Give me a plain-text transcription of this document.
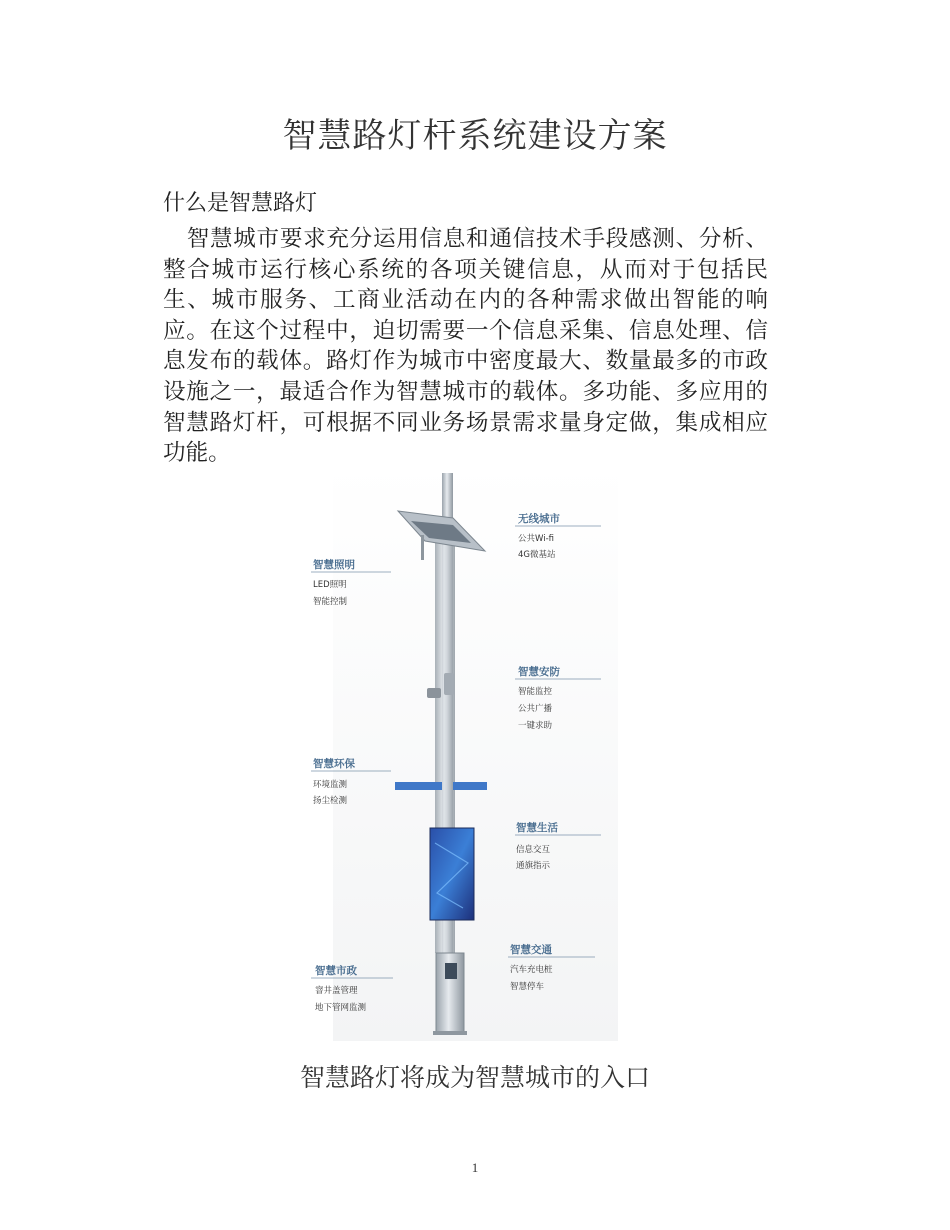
智慧路灯杆系统建设方案
什么是智慧路灯

智慧城市要求充分运用信息和通信技术手段感测、分析、整合城市运行核心系统的各项关键信息，从而对于包括民生、城市服务、工商业活动在内的各种需求做出智能的响应。在这个过程中，迫切需要一个信息采集、信息处理、信息发布的载体。路灯作为城市中密度最大、数量最多的市政设施之一，最适合作为智慧城市的载体。多功能、多应用的智慧路灯杆，可根据不同业务场景需求量身定做，集成相应功能。

无线城市
公共Wi-fi
4G微基站
智慧照明
LED照明
智能控制
智慧安防
智能监控
公共广播
一键求助
智慧环保
环境监测
扬尘检测
智慧生活
信息交互
通旗指示
智慧交通
汽车充电桩
智慧停车
智慧市政
窨井盖管理
地下管网监测
智慧路灯将成为智慧城市的入口
1
